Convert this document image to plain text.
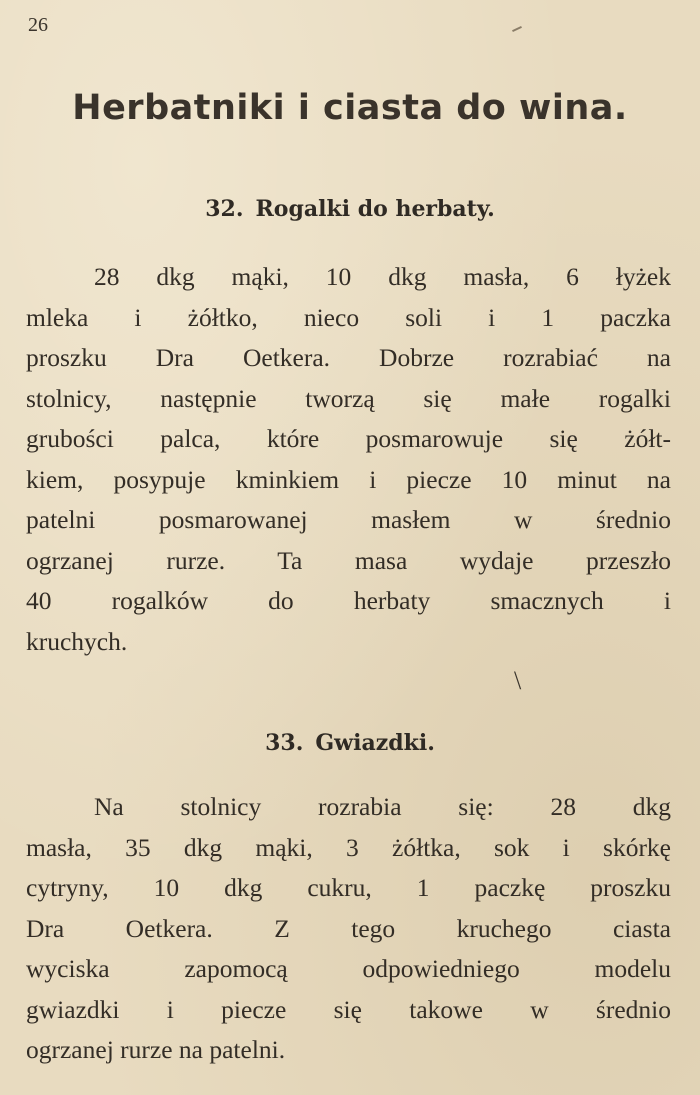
26
Herbatniki i ciasta do wina.
32. Rogalki do herbaty.

28 dkg mąki, 10 dkg masła, 6 łyżek
mleka i żółtko, nieco soli i 1 paczka
proszku Dra Oetkera. Dobrze rozrabiać na
stolnicy, następnie tworzą się małe rogalki
grubości palca, które posmarowuje się żółt-
kiem, posypuje kminkiem i piecze 10 minut na
patelni posmarowanej masłem w średnio
ogrzanej rurze. Ta masa wydaje przeszło
40 rogalków do herbaty smacznych i
kruchych.

\
33. Gwiazdki.

Na stolnicy rozrabia się: 28 dkg
masła, 35 dkg mąki, 3 żółtka, sok i skórkę
cytryny, 10 dkg cukru, 1 paczkę proszku
Dra Oetkera. Z tego kruchego ciasta
wyciska zapomocą odpowiedniego modelu
gwiazdki i piecze się takowe w średnio
ogrzanej rurze na patelni.
